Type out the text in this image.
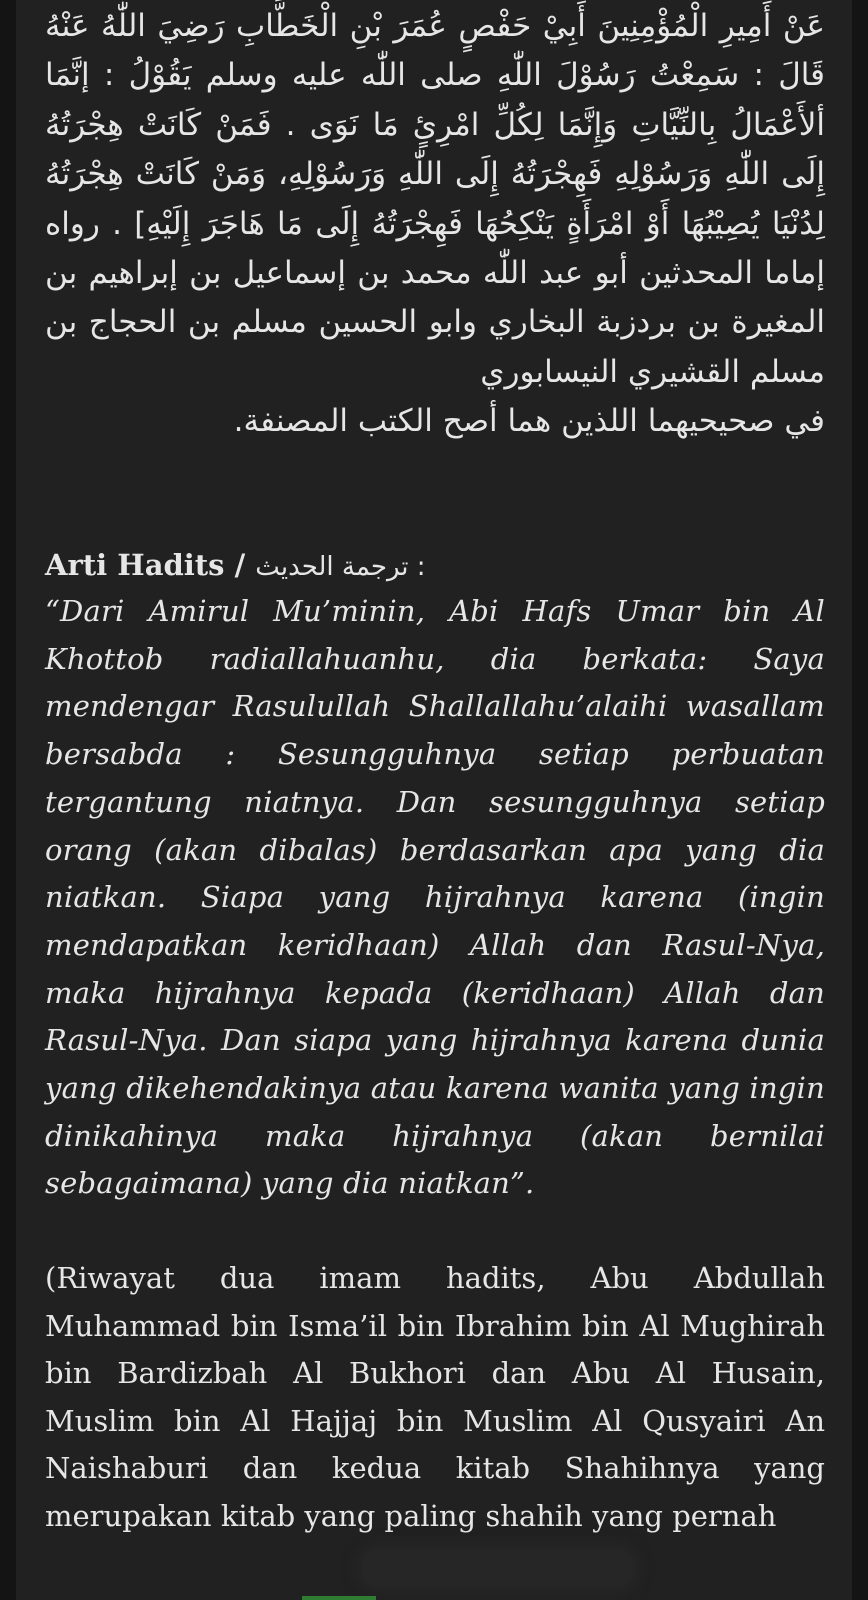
عَنْ أَمِيرِ الْمُؤْمِنِينَ أَبِيْ حَفْصٍ عُمَرَ بْنِ الْخَطَّابِ رَضِيَ اللّٰهُ عَنْهُ قَالَ : سَمِعْتُ رَسُوْلَ اللّٰهِ صلى اللّٰه عليه وسلم يَقُوْلُ : إنَّمَا ألأَعْمَالُ بِالنِّيَّاتِ وَإِنَّمَا لِكُلِّ امْرِئٍ مَا نَوَى . فَمَنْ كَانَتْ هِجْرَتُهُ إِلَى اللّٰهِ وَرَسُوْلِهِ فَهِجْرَتُهُ إِلَى اللّٰهِ وَرَسُوْلِهِ، وَمَنْ كَانَتْ هِجْرَتُهُ لِدُنْيَا يُصِيْبُهَا أَوْ امْرَأَةٍ يَنْكِحُهَا فَهِجْرَتُهُ إِلَى مَا هَاجَرَ إِلَيْهِ] . رواه إماما المحدثين أبو عبد اللّٰه محمد بن إسماعيل بن إبراهيم بن المغيرة بن بردزبة البخاري وابو الحسين مسلم بن الحجاج بن مسلم القشيري النيسابوري
في صحيحيهما اللذين هما أصح الكتب المصنفة.
Arti Hadits / ترجمة الحديث :
“Dari Amirul Mu’minin, Abi Hafs Umar bin Al Khottob radiallahuanhu, dia berkata: Saya mendengar Rasulullah Shallallahu’alaihi wasallam bersabda : Sesungguhnya setiap perbuatan tergantung niatnya. Dan sesungguhnya setiap orang (akan dibalas) berdasarkan apa yang dia niatkan. Siapa yang hijrahnya karena (ingin mendapatkan keridhaan) Allah dan Rasul-Nya, maka hijrahnya kepada (keridhaan) Allah dan Rasul-Nya. Dan siapa yang hijrahnya karena dunia yang dikehendakinya atau karena wanita yang ingin dinikahinya maka hijrahnya (akan bernilai sebagaimana) yang dia niatkan”.
(Riwayat dua imam hadits, Abu Abdullah Muhammad bin Isma’il bin Ibrahim bin Al Mughirah bin Bardizbah Al Bukhori dan Abu Al Husain, Muslim bin Al Hajjaj bin Muslim Al Qusyairi An Naishaburi dan kedua kitab Shahihnya yang merupakan kitab yang paling shahih yang pernah
